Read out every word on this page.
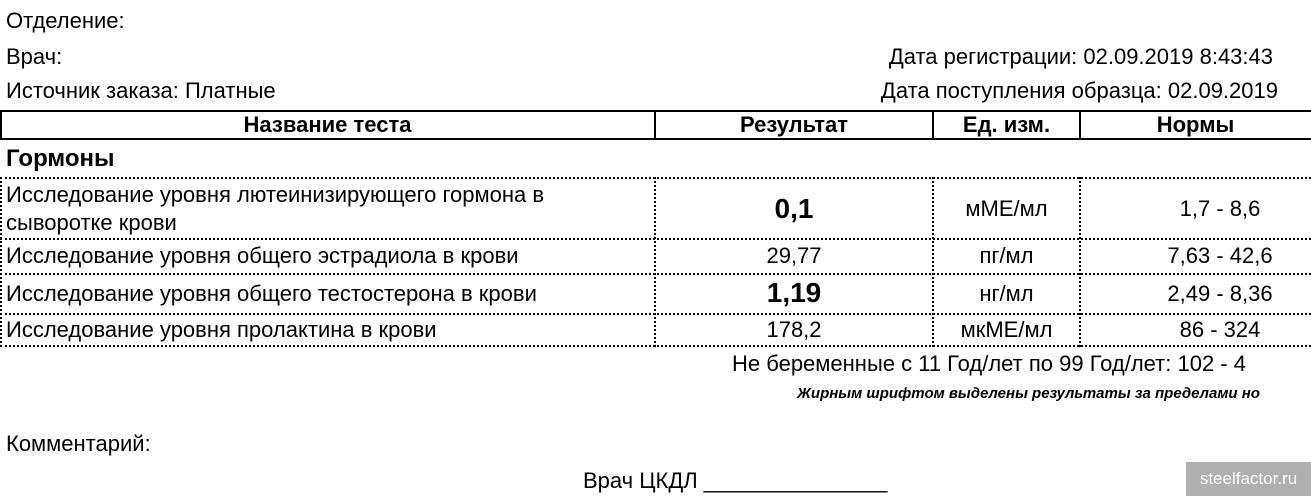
Отделение:
Врач:
Источник заказа: Платные
Дата регистрации: 02.09.2019 8:43:43
Дата поступления образца: 02.09.2019
Название теста	Результат	Ед. изм.	Нормы
Гормоны
Исследование уровня лютеинизирующего гормона в
сыворотке крови	0,1	мМЕ/мл	1,7 - 8,6
Исследование уровня общего эстрадиола в крови	29,77	пг/мл	7,63 - 42,6
Исследование уровня общего тестостерона в крови	1,19	нг/мл	2,49 - 8,36
Исследование уровня пролактина в крови	178,2	мкМЕ/мл	86 - 324
Не беременные с 11 Год/лет по 99 Год/лет: 102 - 4
Жирным шрифтом выделены результаты за пределами но
Комментарий:
Врач ЦКДЛ _______________	steelfactor.ru
